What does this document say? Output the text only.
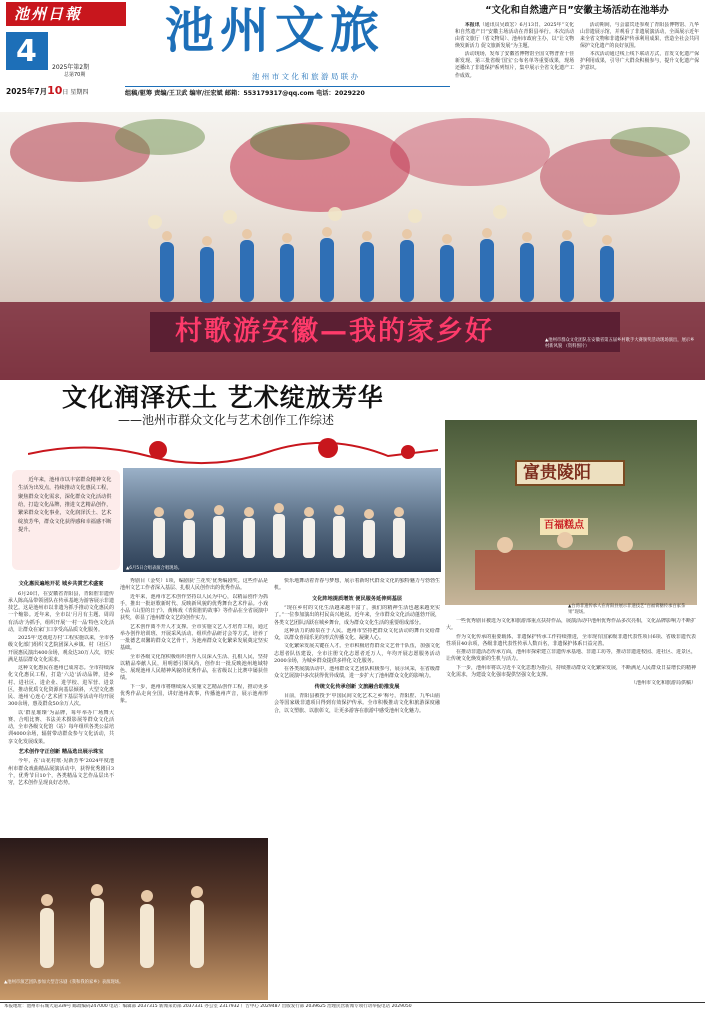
池州日報
4	2025年第2期
总第70期
2025年7月10日 星期四
池州文旅
池 州 市 文 化 和 旅 游 局 联 办
组稿/驱筹 责编/王卫武 编审/汪宏斌 邮箱：553179317@qq.com 电话：2029220
“文化和自然遗产日”安徽主场活动在池举办

本报讯（通讯员吴政宏）6月13日，2025年“文化和自然遗产日”安徽主场活动在青阳县举行。本次活动由省文旅厅（省文物局）、池州市政府主办，以“让文物焕发新活力 促文旅新发展”为主题。

活动现场，发布了安徽省博物馆全国文物普查十佳新发现、第三批省级‘国宝’公布名单等重要成果，现场还播出了非遗保护系列短片，集中展示全省文化遗产工作成效。

活动期间，与会嘉宾还参观了青阳县博物馆、九华山非遗展示馆，并观看了非遗展演活动，全面展示近年来全省文物和非遗保护传承利用成果，营造全社会共同保护文化遗产的良好氛围。

本次活动通过线上线下联动方式，首发文化遗产保护利用成果，引导广大群众积极参与，提升文化遗产保护意识。

村歌游安徽—我的家乡好	▲池州市群众文化团队在安徽省第五届乡村歌手大赛颁奖活动现场演出，展示乡村新风貌 （资料图片）
文化润泽沃土 艺术绽放芳华
——池州市群众文化与艺术创作工作综述
富贵陵阳
百福糕点
▲台湾非遗传承人在青阳县展示非遗技艺“百福膏糖传承百家茶果”现场。
近年来，池州市以丰富群众精神文化生活为出发点，持续推动文化惠民工程，聚焦群众文化需求，深化群众文化活动供给，打造文化品牌，推进文艺精品创作，繁荣群众文化事业，文化润泽沃土、艺术绽放芳华，群众文化获得感和幸福感不断提升。
▲6月5日合唱表演合唱现场。
文化惠民遍地开花 城乡共赏艺术盛宴

6月20日，在安徽省青阳县，青阳腔非遗传承人陈高品带领团队在传承基地为游客展示非遗技艺。这是池州市以非遗为抓手推动文化惠民的一个缩影。近年来，全市以‘月月有主题、周周有活动’为抓手，组织开展‘一村一品’特色文化活动，让群众在家门口享受高品质文化服务。

2025年‘送戏进万村’工程实施以来，全市各级文化部门组织文艺院团深入乡镇、村（社区）开展惠民演出400余场，观众达30万人次，切实满足基层群众文化需求。

这种文化惠民在池州已成常态。全市持续深化文化惠民工程，打造‘六边’活动品牌，进乡村、进社区、进企业、进学校、进军营、进景区，推动优质文化资源向基层倾斜，大型文化惠民、池州‘心连心’艺术团下基层等活动年均开展300余场，惠及群众50余万人次。

以‘群星璀璨’为品牌，每年举办广场舞大赛、合唱比赛、书法美术摄影展等群众文化活动，全市各级文化馆（站）每年组织各类公益培训4000余场，辐射带动群众参与文化活动，共享文化发展成果。

艺术创作守正创新 精品选出展示珠宝

今年，在‘山花村歌·见新芳华’2024年度池州市群众戏曲精品展演活动中，获得优秀剧目3个，优秀节目10个，各类精品文艺作品层出不穷，艺术创作呈现良好态势。

秀剧目（金奖）1项，编剧获‘兰花奖’优秀编剧奖。这些作品是池州文艺工作者深入基层、扎根人民创作出的优秀作品。

近年来，池州市艺术创作坚持以人民为中心，以精品创作为抓手，推出一批讴歌新时代、反映新风貌的优秀舞台艺术作品。小戏小品《山里的日子》、黄梅戏《青阳腔的故事》等作品在全省展演中获奖，彰显了池州群众文艺的创作实力。

艺术创作离不开人才支撑。全市实施文艺人才培育工程，通过举办创作培训班、开展采风活动、组织作品研讨会等方式，培养了一批德艺双馨的群众文艺骨干，为池州群众文化繁荣发展奠定坚实基础。

全市各级文化馆积极组织创作人员深入生活、扎根人民，坚持以精品奉献人民，用明德引领风尚，创作出一批反映池州地域特色、展现池州人民精神风貌的优秀作品，在省级以上比赛中屡获佳绩。

下一步，池州市将继续深入实施文艺精品创作工程，推动更多优秀作品走向全国，讲好池州故事，传播池州声音，展示池州形象。

快乐地舞动着青春与梦想，展示着新时代群众文化的独特魅力与勃勃生机。

文化阵地提质增效 便民服务延伸到基层

“现在乡村的文化生活越来越丰富了，我们的精神生活也越来越充实了。”一位参加演出的村民高兴地说。近年来，全市群众文化活动蓬勃开展，各类文艺团队活跃在城乡舞台，成为群众文化生活的重要组成部分。

这种活力的源泉在于人民。池州市坚持把群众文化活动的舞台交给群众，以群众喜闻乐见的形式传播文化、凝聚人心。

文化繁荣发展关键在人才。全市积极培育群众文艺骨干队伍，加强文化志愿者队伍建设，全市注册文化志愿者近万人，年均开展志愿服务活动2000余场，为城乡群众提供多样化文化服务。

在各类展演活动中，池州群众文艺团队积极参与，展示风采，在省级群众文艺展演中多次获得优异成绩，进一步扩大了池州群众文化的影响力。

传统文化传承创新 文旅融合助推发展

目前，青阳县被授予‘中国民间文化艺术之乡’称号，青阳腔、九华山庙会等国家级非遗项目得到有效保护传承。全市积极推动文化和旅游深度融合，以文塑旅、以旅彰文，让更多游客在旅游中感受池州文化魅力。

一些优秀剧目被选为文化和旅游部重点扶持作品，展演活动中池州优秀作品多次亮相，文化品牌影响力不断扩大。

作为文化传承的重要载体，非遗保护传承工作持续推进，全市现有国家级非遗代表性项目6项、省级非遗代表性项目40余项，各级非遗代表性传承人数百名，非遗保护体系日益完善。

在推动非遗活态传承方面，池州市探索建立非遗传承基地、非遗工坊等，推动非遗进校园、进社区、进景区，让传统文化焕发新的生机与活力。

下一步，池州市将以习近平文化思想为指引，持续推动群众文化繁荣发展，不断满足人民群众日益增长的精神文化需求，为建设文化强市提供坚强文化支撑。

（池州市文化和旅游局供稿）

▲池州市演艺团队参加大型音乐剧《我和我的家乡》表演现场。
本报地址：池州市石城大道339号 邮政编码247000 电话：编辑部 2037315 新闻采访部 2037331 办公室 2317932 广告中心 2029487 出版发行部 2039625 治理民营新闻专项行动举报电话 2029050
